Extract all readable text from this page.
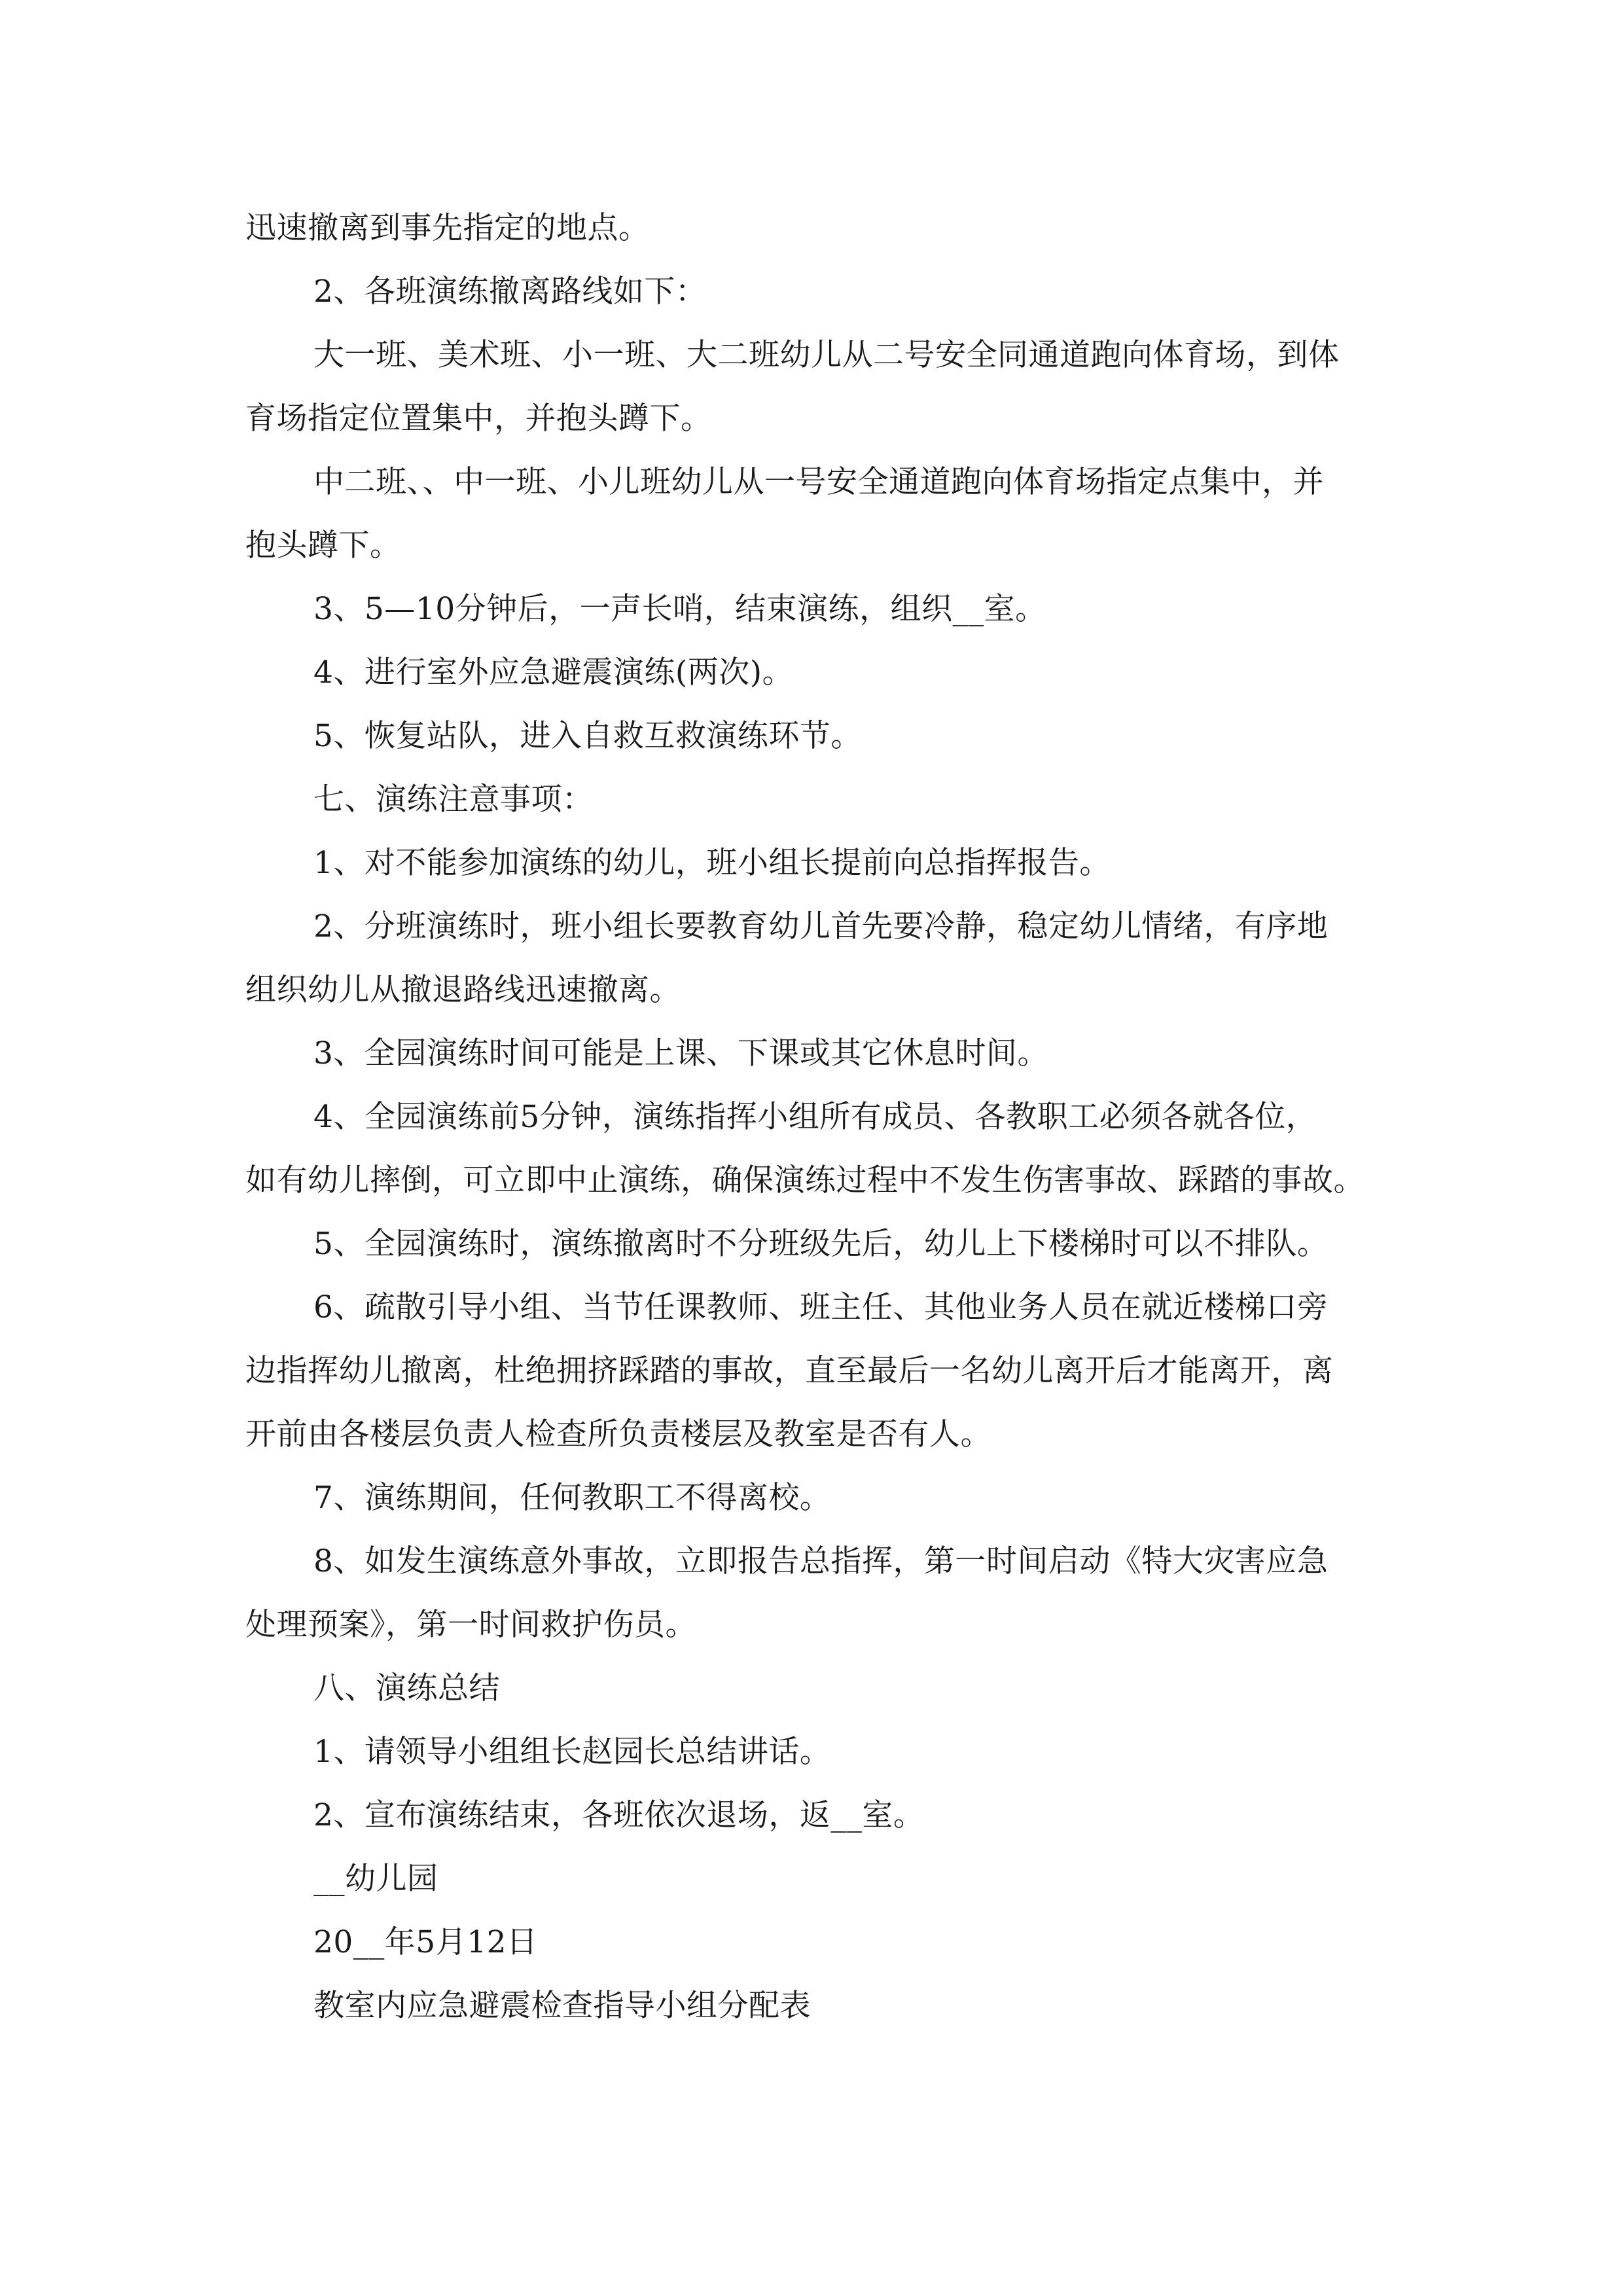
迅速撤离到事先指定的地点。

2、各班演练撤离路线如下：

大一班、美术班、小一班、大二班幼儿从二号安全同通道跑向体育场，到体

育场指定位置集中，并抱头蹲下。

中二班、、中一班、小儿班幼儿从一号安全通道跑向体育场指定点集中，并

抱头蹲下。

3、5—10分钟后，一声长哨，结束演练，组织__室。

4、进行室外应急避震演练(两次)。

5、恢复站队，进入自救互救演练环节。

七、演练注意事项：

1、对不能参加演练的幼儿，班小组长提前向总指挥报告。

2、分班演练时，班小组长要教育幼儿首先要冷静，稳定幼儿情绪，有序地

组织幼儿从撤退路线迅速撤离。

3、全园演练时间可能是上课、下课或其它休息时间。

4、全园演练前5分钟，演练指挥小组所有成员、各教职工必须各就各位，

如有幼儿摔倒，可立即中止演练，确保演练过程中不发生伤害事故、踩踏的事故。

5、全园演练时，演练撤离时不分班级先后，幼儿上下楼梯时可以不排队。

6、疏散引导小组、当节任课教师、班主任、其他业务人员在就近楼梯口旁

边指挥幼儿撤离，杜绝拥挤踩踏的事故，直至最后一名幼儿离开后才能离开，离

开前由各楼层负责人检查所负责楼层及教室是否有人。

7、演练期间，任何教职工不得离校。

8、如发生演练意外事故，立即报告总指挥，第一时间启动《特大灾害应急

处理预案》，第一时间救护伤员。

八、演练总结

1、请领导小组组长赵园长总结讲话。

2、宣布演练结束，各班依次退场，返__室。

__幼儿园

20__年5月12日

教室内应急避震检查指导小组分配表
